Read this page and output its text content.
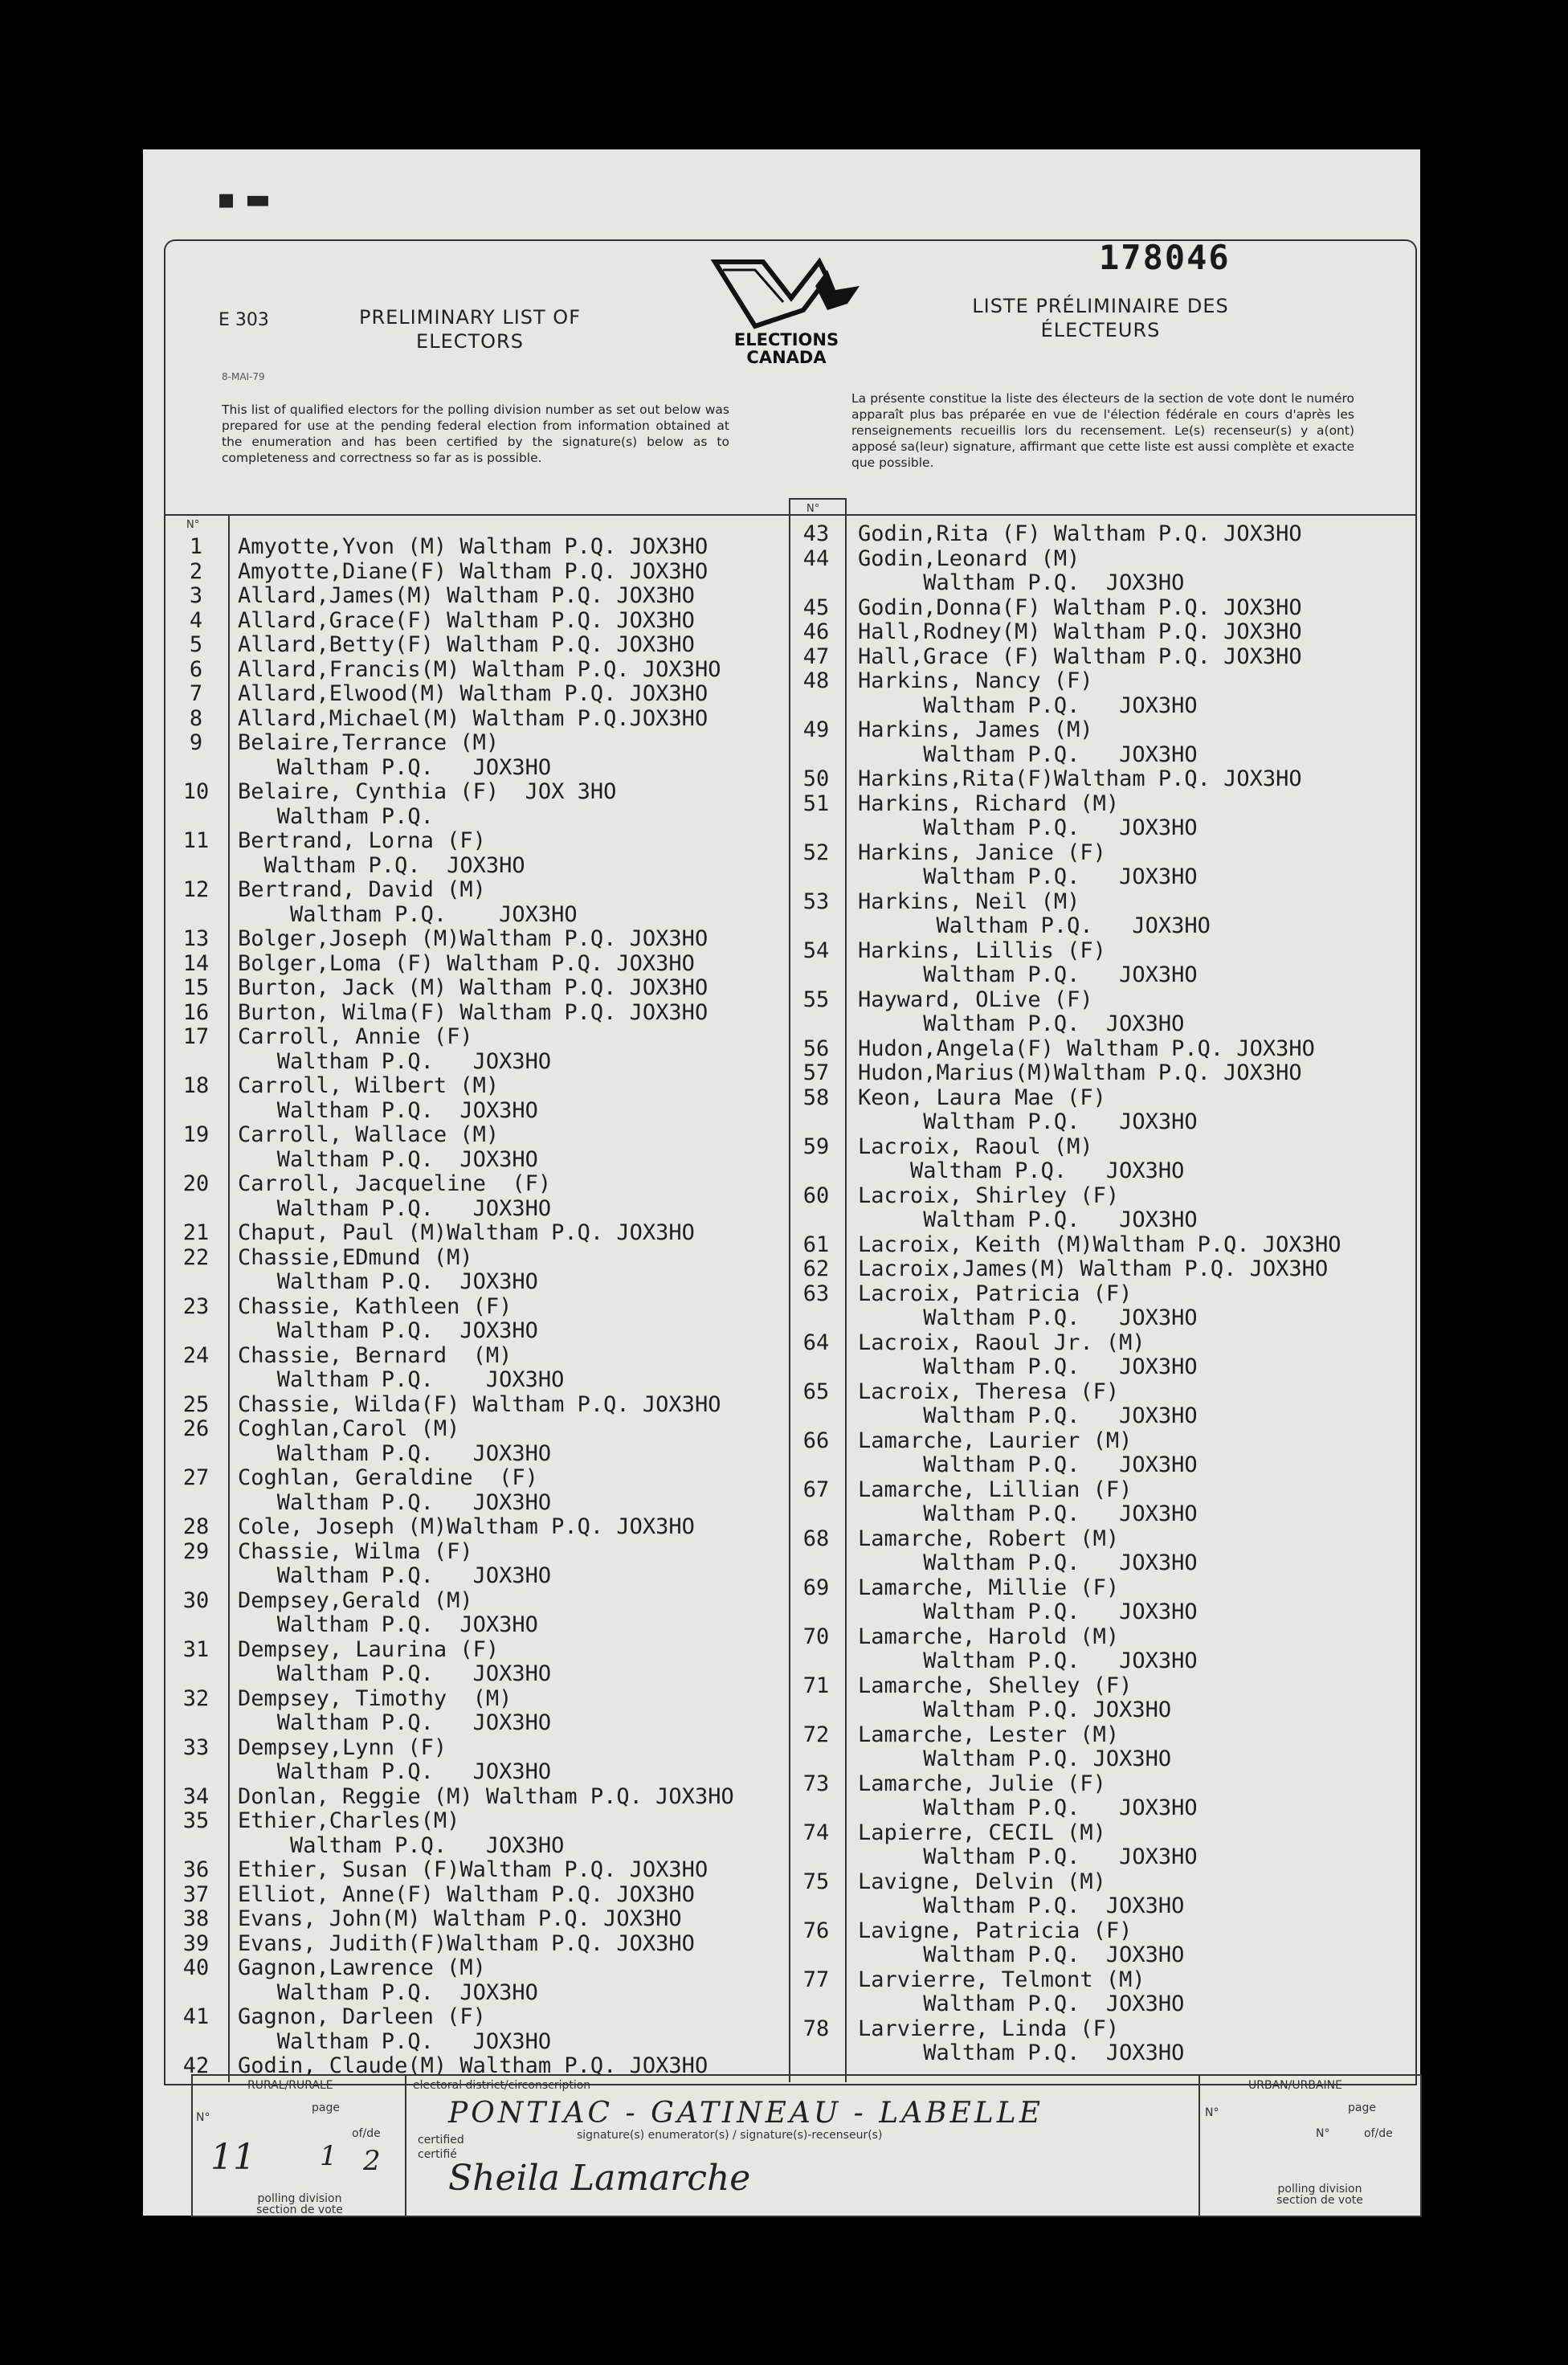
▪ ▬
178046
E 303	PRELIMINARY LIST OF
ELECTORS
LISTE PRÉLIMINAIRE DES
ÉLECTEURS
8-MAI-79
ELECTIONS
CANADA
This list of qualified electors for the polling division number as set out below was prepared for use at the pending federal election from information obtained at the enumeration and has been certified by the signature(s) below as to completeness and correctness so far as is possible.
La présente constitue la liste des électeurs de la section de vote dont le numéro apparaît plus bas préparée en vue de l'élection fédérale en cours d'après les renseignements recueillis lors du recensement. Le(s) recenseur(s) y a(ont) apposé sa(leur) signature, affirmant que cette liste est aussi complète et exacte que possible.
N°
N°
1	Amyotte,Yvon (M) Waltham P.Q. JOX3HO
2	Amyotte,Diane(F) Waltham P.Q. JOX3HO
3	Allard,James(M) Waltham P.Q. JOX3HO
4	Allard,Grace(F) Waltham P.Q. JOX3HO
5	Allard,Betty(F) Waltham P.Q. JOX3HO
6	Allard,Francis(M) Waltham P.Q. JOX3HO
7	Allard,Elwood(M) Waltham P.Q. JOX3HO
8	Allard,Michael(M) Waltham P.Q.JOX3HO
9	Belaire,Terrance (M)
Waltham P.Q.   JOX3HO
10 Belaire, Cynthia (F)  JOX 3HO
Waltham P.Q.
11 Bertrand, Lorna (F)
Waltham P.Q.  JOX3HO
12 Bertrand, David (M)
Waltham P.Q.    JOX3HO
13 Bolger,Joseph (M)Waltham P.Q. JOX3HO
14 Bolger,Loma (F) Waltham P.Q. JOX3HO
15 Burton, Jack (M) Waltham P.Q. JOX3HO
16 Burton, Wilma(F) Waltham P.Q. JOX3HO
17 Carroll, Annie (F)
Waltham P.Q.   JOX3HO
18 Carroll, Wilbert (M)
Waltham P.Q.  JOX3HO
19 Carroll, Wallace (M)
Waltham P.Q.  JOX3HO
20 Carroll, Jacqueline  (F)
Waltham P.Q.   JOX3HO
21 Chaput, Paul (M)Waltham P.Q. JOX3HO
22 Chassie,EDmund (M)
Waltham P.Q.  JOX3HO
23 Chassie, Kathleen (F)
Waltham P.Q.  JOX3HO
24 Chassie, Bernard  (M)
Waltham P.Q.    JOX3HO
25 Chassie, Wilda(F) Waltham P.Q. JOX3HO
26 Coghlan,Carol (M)
Waltham P.Q.   JOX3HO
27 Coghlan, Geraldine  (F)
Waltham P.Q.   JOX3HO
28 Cole, Joseph (M)Waltham P.Q. JOX3HO
29 Chassie, Wilma (F)
Waltham P.Q.   JOX3HO
30 Dempsey,Gerald (M)
Waltham P.Q.  JOX3HO
31 Dempsey, Laurina (F)
Waltham P.Q.   JOX3HO
32 Dempsey, Timothy  (M)
Waltham P.Q.   JOX3HO
33 Dempsey,Lynn (F)
Waltham P.Q.   JOX3HO
34 Donlan, Reggie (M) Waltham P.Q. JOX3HO
35 Ethier,Charles(M)
Waltham P.Q.   JOX3HO
36 Ethier, Susan (F)Waltham P.Q. JOX3HO
37 Elliot, Anne(F) Waltham P.Q. JOX3HO
38 Evans, John(M) Waltham P.Q. JOX3HO
39 Evans, Judith(F)Waltham P.Q. JOX3HO
40 Gagnon,Lawrence (M)
Waltham P.Q.  JOX3HO
41 Gagnon, Darleen (F)
Waltham P.Q.   JOX3HO
42 Godin, Claude(M) Waltham P.Q. JOX3HO
43 Godin,Rita (F) Waltham P.Q. JOX3HO
44 Godin,Leonard (M)
Waltham P.Q.  JOX3HO
45 Godin,Donna(F) Waltham P.Q. JOX3HO
46 Hall,Rodney(M) Waltham P.Q. JOX3HO
47 Hall,Grace (F) Waltham P.Q. JOX3HO
48 Harkins, Nancy (F)
Waltham P.Q.   JOX3HO
49 Harkins, James (M)
Waltham P.Q.   JOX3HO
50 Harkins,Rita(F)Waltham P.Q. JOX3HO
51 Harkins, Richard (M)
Waltham P.Q.   JOX3HO
52 Harkins, Janice (F)
Waltham P.Q.   JOX3HO
53 Harkins, Neil (M)
Waltham P.Q.   JOX3HO
54 Harkins, Lillis (F)
Waltham P.Q.   JOX3HO
55 Hayward, OLive (F)
Waltham P.Q.  JOX3HO
56 Hudon,Angela(F) Waltham P.Q. JOX3HO
57 Hudon,Marius(M)Waltham P.Q. JOX3HO
58 Keon, Laura Mae (F)
Waltham P.Q.   JOX3HO
59 Lacroix, Raoul (M)
Waltham P.Q.   JOX3HO
60 Lacroix, Shirley (F)
Waltham P.Q.   JOX3HO
61 Lacroix, Keith (M)Waltham P.Q. JOX3HO
62 Lacroix,James(M) Waltham P.Q. JOX3HO
63 Lacroix, Patricia (F)
Waltham P.Q.   JOX3HO
64 Lacroix, Raoul Jr. (M)
Waltham P.Q.   JOX3HO
65 Lacroix, Theresa (F)
Waltham P.Q.   JOX3HO
66 Lamarche, Laurier (M)
Waltham P.Q.   JOX3HO
67 Lamarche, Lillian (F)
Waltham P.Q.   JOX3HO
68 Lamarche, Robert (M)
Waltham P.Q.   JOX3HO
69 Lamarche, Millie (F)
Waltham P.Q.   JOX3HO
70 Lamarche, Harold (M)
Waltham P.Q.   JOX3HO
71 Lamarche, Shelley (F)
Waltham P.Q. JOX3HO
72 Lamarche, Lester (M)
Waltham P.Q. JOX3HO
73 Lamarche, Julie (F)
Waltham P.Q.   JOX3HO
74 Lapierre, CECIL (M)
Waltham P.Q.   JOX3HO
75 Lavigne, Delvin (M)
Waltham P.Q.  JOX3HO
76 Lavigne, Patricia (F)
Waltham P.Q.  JOX3HO
77 Larvierre, Telmont (M)
Waltham P.Q.  JOX3HO
78 Larvierre, Linda (F)
Waltham P.Q.  JOX3HO
RURAL/RURALE
N°
page
of/de
11 1 2
polling division
section de vote
electoral district/circonscription
PONTIAC - GATINEAU - LABELLE
signature(s) enumerator(s) / signature(s)-recenseur(s)
certified
certifié
Sheila Lamarche
URBAN/URBAINE
N°	page
N°	of/de
polling division
section de vote
